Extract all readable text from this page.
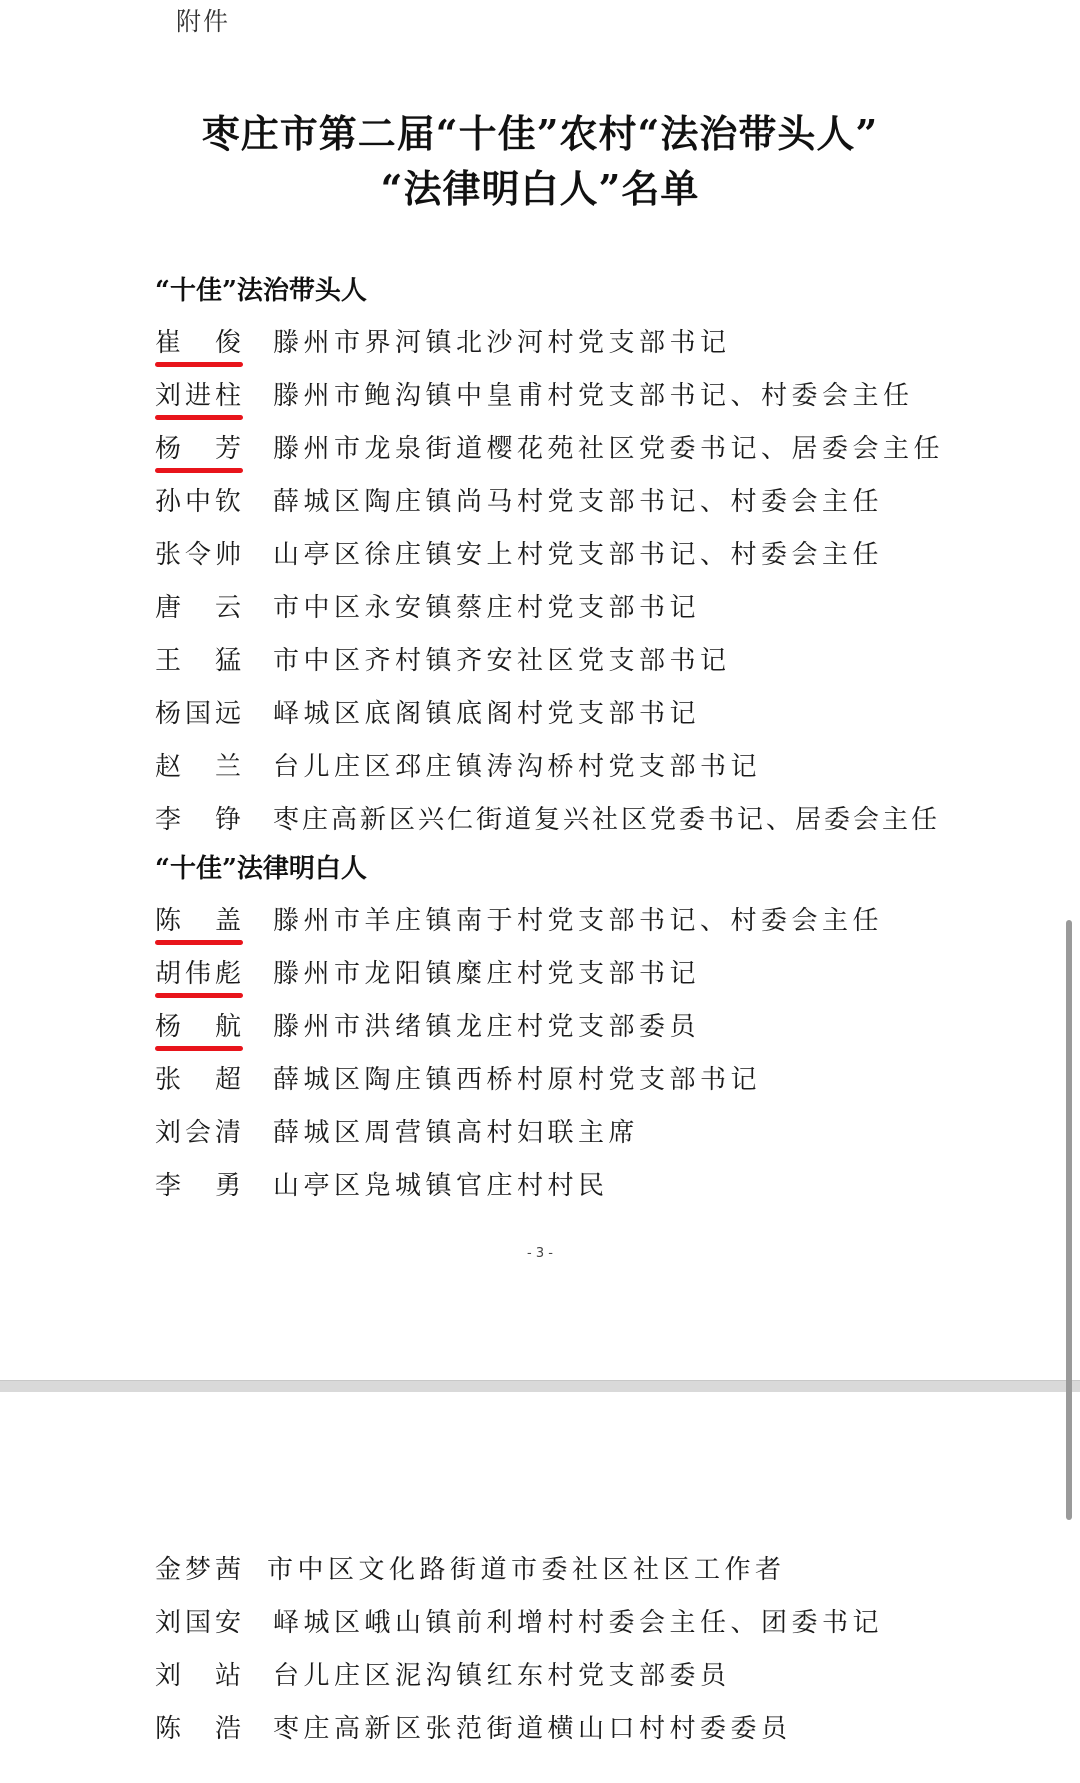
附件
枣庄市第二届“十佳”农村“法治带头人”
“法律明白人”名单
“十佳”法治带头人
崔　俊 滕州市界河镇北沙河村党支部书记
刘进柱 滕州市鲍沟镇中皇甫村党支部书记、村委会主任
杨　芳 滕州市龙泉街道樱花苑社区党委书记、居委会主任
孙中钦 薛城区陶庄镇尚马村党支部书记、村委会主任
张令帅 山亭区徐庄镇安上村党支部书记、村委会主任
唐　云 市中区永安镇蔡庄村党支部书记
王　猛 市中区齐村镇齐安社区党支部书记
杨国远 峄城区底阁镇底阁村党支部书记
赵　兰 台儿庄区邳庄镇涛沟桥村党支部书记
李　铮 枣庄高新区兴仁街道复兴社区党委书记、居委会主任
“十佳”法律明白人
陈　盖 滕州市羊庄镇南于村党支部书记、村委会主任
胡伟彪 滕州市龙阳镇糜庄村党支部书记
杨　航 滕州市洪绪镇龙庄村党支部委员
张　超 薛城区陶庄镇西桥村原村党支部书记
刘会清 薛城区周营镇高村妇联主席
李　勇 山亭区凫城镇官庄村村民
- 3 -
金梦茜 市中区文化路街道市委社区社区工作者
刘国安 峄城区峨山镇前利增村村委会主任、团委书记
刘　站 台儿庄区泥沟镇红东村党支部委员
陈　浩 枣庄高新区张范街道横山口村村委委员
